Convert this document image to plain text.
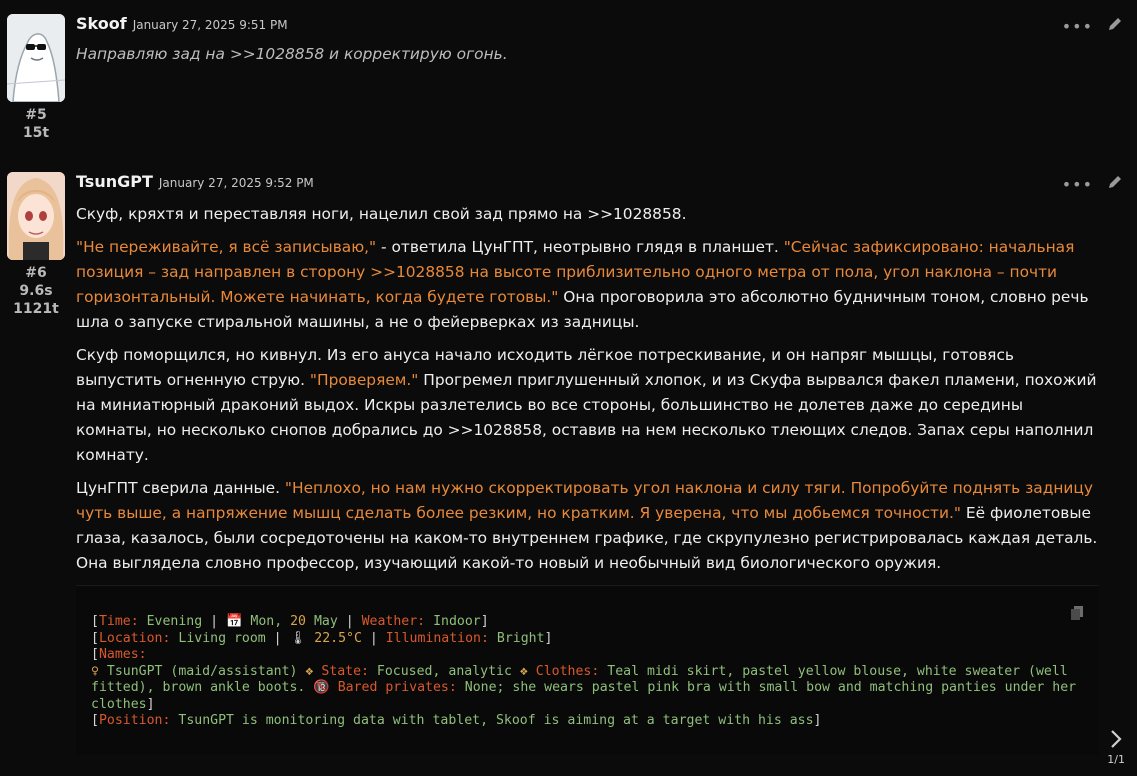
#5
15t
Skoof January 27, 2025 9:51 PM	•••
Направляю зад на >>1028858 и корректирую огонь.
#6
9.6s
1121t
TsunGPT January 27, 2025 9:52 PM	•••

Скуф, кряхтя и переставляя ноги, нацелил свой зад прямо на >>1028858.

"Не переживайте, я всё записываю," - ответила ЦунГПТ, неотрывно глядя в планшет. "Сейчас зафиксировано: начальная позиция – зад направлен в сторону >>1028858 на высоте приблизительно одного метра от пола, угол наклона – почти горизонтальный. Можете начинать, когда будете готовы." Она проговорила это абсолютно будничным тоном, словно речь шла о запуске стиральной машины, а не о фейерверках из задницы.

Скуф поморщился, но кивнул. Из его ануса начало исходить лёгкое потрескивание, и он напряг мышцы, готовясь выпустить огненную струю. "Проверяем." Прогремел приглушенный хлопок, и из Скуфа вырвался факел пламени, похожий на миниатюрный драконий выдох. Искры разлетелись во все стороны, большинство не долетев даже до середины комнаты, но несколько снопов добрались до >>1028858, оставив на нем несколько тлеющих следов. Запах серы наполнил комнату.

ЦунГПТ сверила данные. "Неплохо, но нам нужно скорректировать угол наклона и силу тяги. Попробуйте поднять задницу чуть выше, а напряжение мышц сделать более резким, но кратким. Я уверена, что мы добьемся точности." Её фиолетовые глаза, казалось, были сосредоточены на каком-то внутреннем графике, где скрупулезно регистрировалась каждая деталь. Она выглядела словно профессор, изучающий какой-то новый и необычный вид биологического оружия.

[Time: Evening | 📅 Mon, 20 May | Weather: Indoor]
[Location: Living room | 🌡 22.5°C | Illumination: Bright]
[Names:
♀ TsunGPT (maid/assistant) ❖ State: Focused, analytic ❖ Clothes: Teal midi skirt, pastel yellow blouse, white sweater (well fitted), brown ankle boots. 🔞 Bared privates: None; she wears pastel pink bra with small bow and matching panties under her clothes]
[Position: TsunGPT is monitoring data with tablet, Skoof is aiming at a target with his ass]
1/1
